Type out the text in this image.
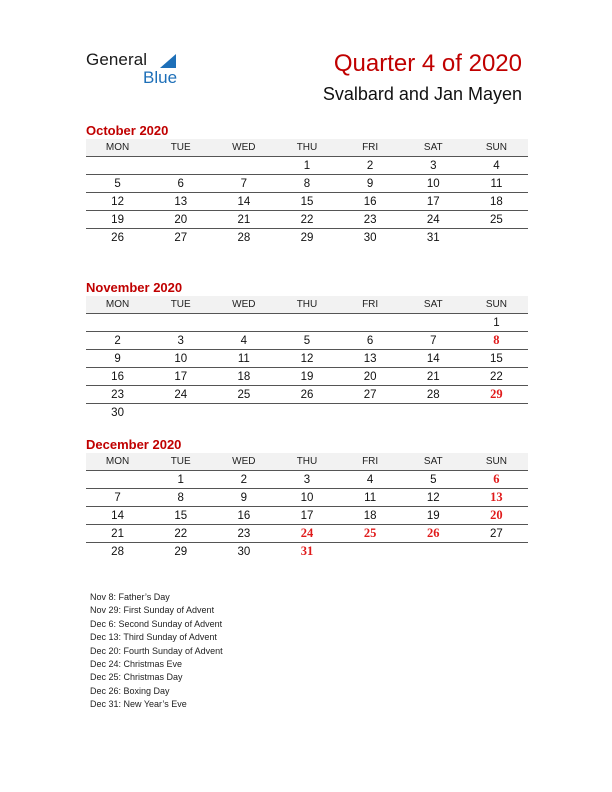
General
Blue
Quarter 4 of 2020
Svalbard and Jan Mayen
October 2020
MON	TUE	WED	THU	FRI	SAT	SUN
			1	2	3	4
5	6	7	8	9	10	11
12	13	14	15	16	17	18
19	20	21	22	23	24	25
26	27	28	29	30	31	
November 2020
MON	TUE	WED	THU	FRI	SAT	SUN
						1
2	3	4	5	6	7	8
9	10	11	12	13	14	15
16	17	18	19	20	21	22
23	24	25	26	27	28	29
30						
December 2020
MON	TUE	WED	THU	FRI	SAT	SUN
	1	2	3	4	5	6
7	8	9	10	11	12	13
14	15	16	17	18	19	20
21	22	23	24	25	26	27
28	29	30	31			
Nov 8: Father’s Day
Nov 29: First Sunday of Advent
Dec 6: Second Sunday of Advent
Dec 13: Third Sunday of Advent
Dec 20: Fourth Sunday of Advent
Dec 24: Christmas Eve
Dec 25: Christmas Day
Dec 26: Boxing Day
Dec 31: New Year’s Eve
